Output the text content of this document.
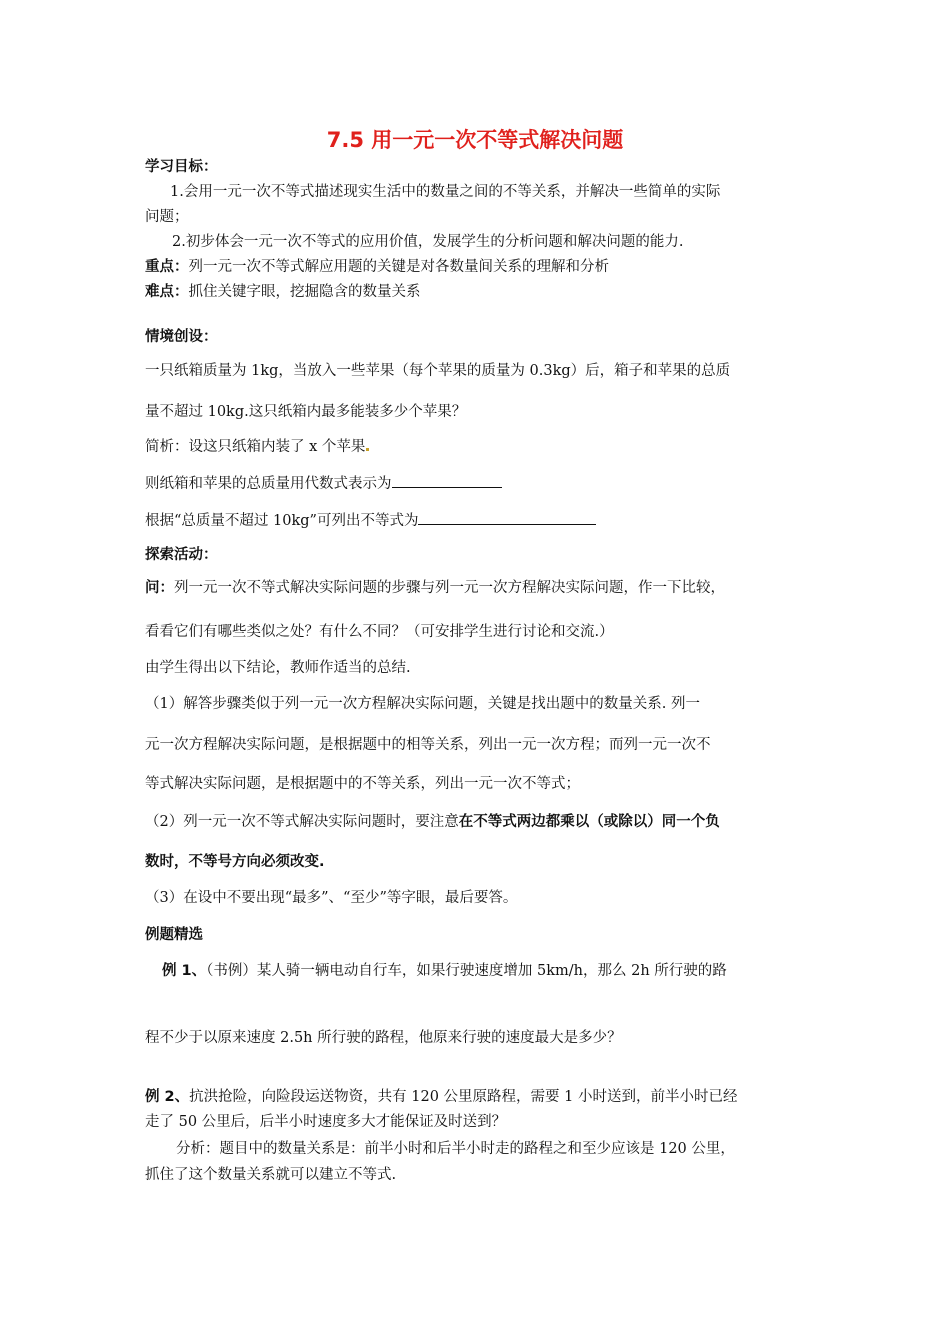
7.5 用一元一次不等式解决问题
学习目标：
1.会用一元一次不等式描述现实生活中的数量之间的不等关系，并解决一些简单的实际
问题；
2.初步体会一元一次不等式的应用价值，发展学生的分析问题和解决问题的能力.
重点：列一元一次不等式解应用题的关键是对各数量间关系的理解和分析
难点：抓住关键字眼，挖掘隐含的数量关系
情境创设：
一只纸箱质量为 1kg，当放入一些苹果（每个苹果的质量为 0.3kg）后，箱子和苹果的总质
量不超过 10kg.这只纸箱内最多能装多少个苹果？
简析：设这只纸箱内装了 x 个苹果
则纸箱和苹果的总质量用代数式表示为
根据“总质量不超过 10kg”可列出不等式为
探索活动：
问：列一元一次不等式解决实际问题的步骤与列一元一次方程解决实际问题，作一下比较，
看看它们有哪些类似之处？有什么不同？（可安排学生进行讨论和交流.）
由学生得出以下结论，教师作适当的总结.
（1）解答步骤类似于列一元一次方程解决实际问题，关键是找出题中的数量关系. 列一
元一次方程解决实际问题，是根据题中的相等关系，列出一元一次方程；而列一元一次不
等式解决实际问题，是根据题中的不等关系，列出一元一次不等式；
（2）列一元一次不等式解决实际问题时，要注意在不等式两边都乘以（或除以）同一个负
数时，不等号方向必须改变.
（3）在设中不要出现“最多”、“至少”等字眼，最后要答。
例题精选
例 1、（书例）某人骑一辆电动自行车，如果行驶速度增加 5km/h，那么 2h 所行驶的路
程不少于以原来速度 2.5h 所行驶的路程，他原来行驶的速度最大是多少？
例 2、抗洪抢险，向险段运送物资，共有 120 公里原路程，需要 1 小时送到，前半小时已经
走了 50 公里后，后半小时速度多大才能保证及时送到？
分析：题目中的数量关系是：前半小时和后半小时走的路程之和至少应该是 120 公里，
抓住了这个数量关系就可以建立不等式.
